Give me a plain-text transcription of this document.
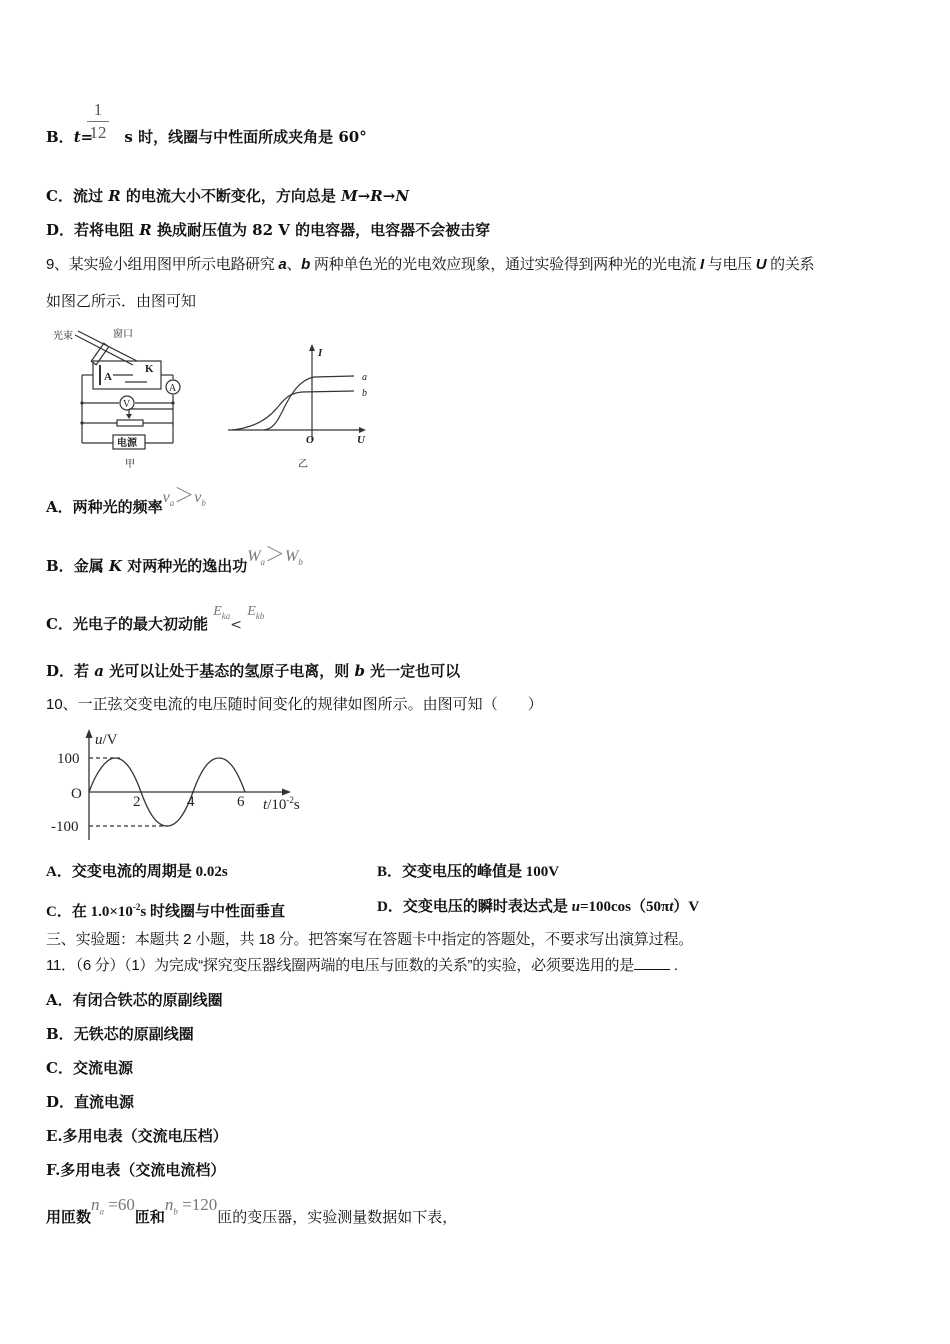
1
12
B．t= s 时，线圈与中性面所成夹角是 60°
C．流过 R 的电流大小不断变化，方向总是 M→R→N
D．若将电阻 R 换成耐压值为 82 V 的电容器，电容器不会被击穿
9、某实验小组用图甲所示电路研究 a、b 两种单色光的光电效应现象，通过实验得到两种光的光电流 I 与电压 U 的关系
如图乙所示．由图可知
光束	窗口
A
K
A
V
电源
甲
I
U
O
a
b
乙
A．两种光的频率$\nu_a>\nu_b$
B．金属 K 对两种光的逸出功$W_a>W_b$
C．光电子的最大初动能 $E_{ka}< E_{kb}$
D．若 a 光可以让处于基态的氢原子电离，则 b 光一定也可以
10、一正弦交变电流的电压随时间变化的规律如图所示。由图可知（　　）
u/V
100
O
-100
2	4	6 $t/10^{-2}s$
A．交变电流的周期是 0.02s	B．交变电压的峰值是 100V
C．在 $1.0\times 10^{-2}s$ 时线圈与中性面垂直	D．交变电压的瞬时表达式是 u=100cos（50πt）V
三、实验题：本题共 2 小题，共 18 分。把答案写在答题卡中指定的答题处，不要求写出演算过程。
11．（6 分）（1）为完成“探究变压器线圈两端的电压与匝数的关系”的实验，必须要选用的是 .
A．有闭合铁芯的原副线圈
B．无铁芯的原副线圈
C．交流电源
D．直流电源
E.多用电表（交流电压档）
F.多用电表（交流电流档）
用匝数$n_a =60$匝和$n_b =120$匝的变压器，实验测量数据如下表，
